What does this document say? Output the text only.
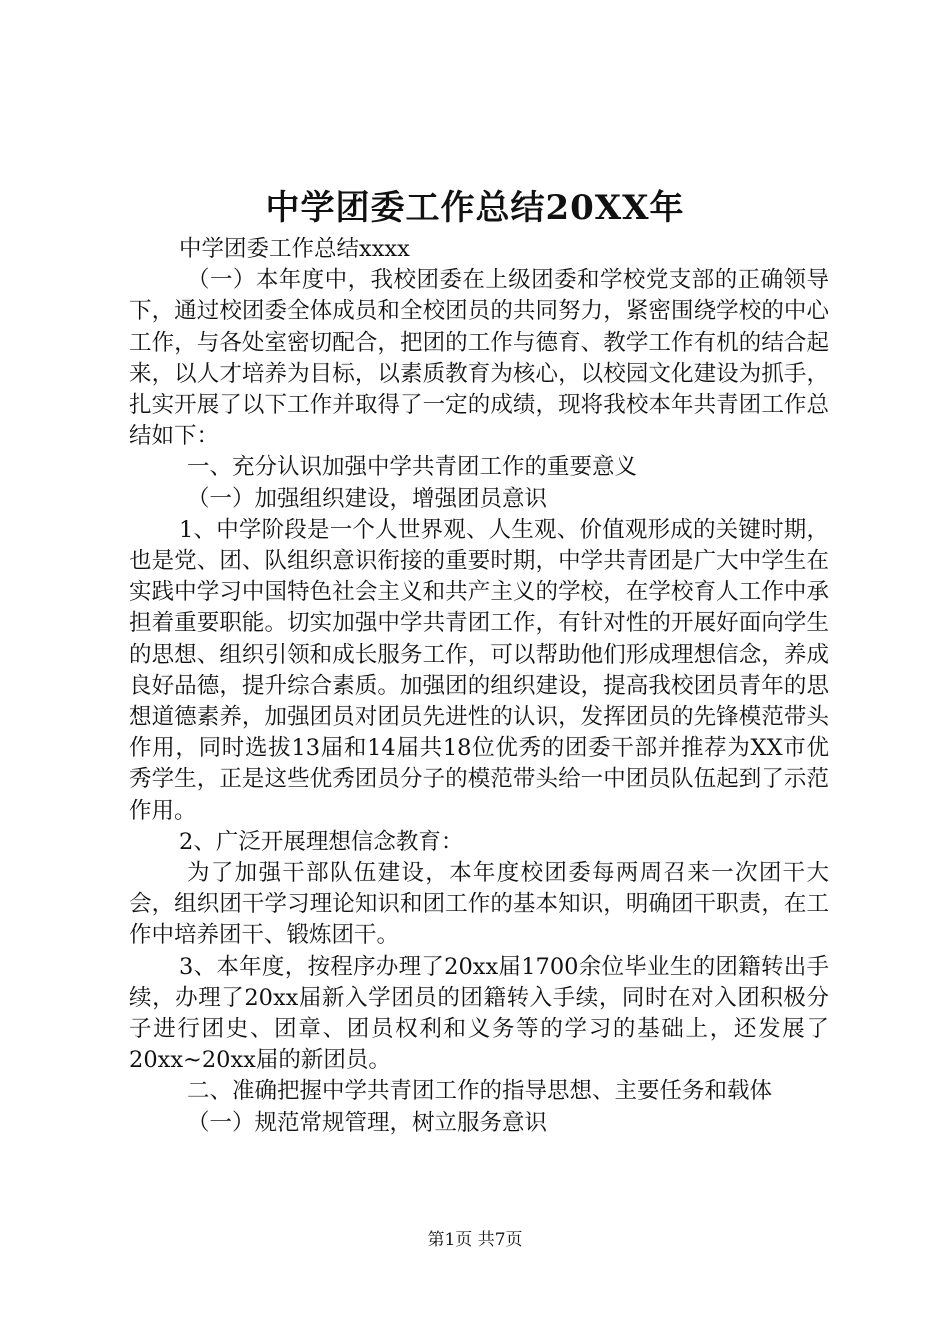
中学团委工作总结20XX年

中学团委工作总结xxxx

（一）本年度中，我校团委在上级团委和学校党支部的正确领导下，通过校团委全体成员和全校团员的共同努力，紧密围绕学校的中心工作，与各处室密切配合，把团的工作与德育、教学工作有机的结合起来，以人才培养为目标，以素质教育为核心，以校园文化建设为抓手，扎实开展了以下工作并取得了一定的成绩，现将我校本年共青团工作总结如下：

一、充分认识加强中学共青团工作的重要意义

（一）加强组织建设，增强团员意识

1、中学阶段是一个人世界观、人生观、价值观形成的关键时期，也是党、团、队组织意识衔接的重要时期，中学共青团是广大中学生在实践中学习中国特色社会主义和共产主义的学校，在学校育人工作中承担着重要职能。切实加强中学共青团工作，有针对性的开展好面向学生的思想、组织引领和成长服务工作，可以帮助他们形成理想信念，养成良好品德，提升综合素质。加强团的组织建设，提高我校团员青年的思想道德素养，加强团员对团员先进性的认识，发挥团员的先锋模范带头作用，同时选拔13届和14届共18位优秀的团委干部并推荐为XX市优秀学生，正是这些优秀团员分子的模范带头给一中团员队伍起到了示范作用。

2、广泛开展理想信念教育：

为了加强干部队伍建设，本年度校团委每两周召来一次团干大会，组织团干学习理论知识和团工作的基本知识，明确团干职责，在工作中培养团干、锻炼团干。

3、本年度，按程序办理了20xx届1700余位毕业生的团籍转出手续，办理了20xx届新入学团员的团籍转入手续，同时在对入团积极分子进行团史、团章、团员权利和义务等的学习的基础上，还发展了20xx~20xx届的新团员。

二、准确把握中学共青团工作的指导思想、主要任务和载体

（一）规范常规管理，树立服务意识

第1页 共7页
